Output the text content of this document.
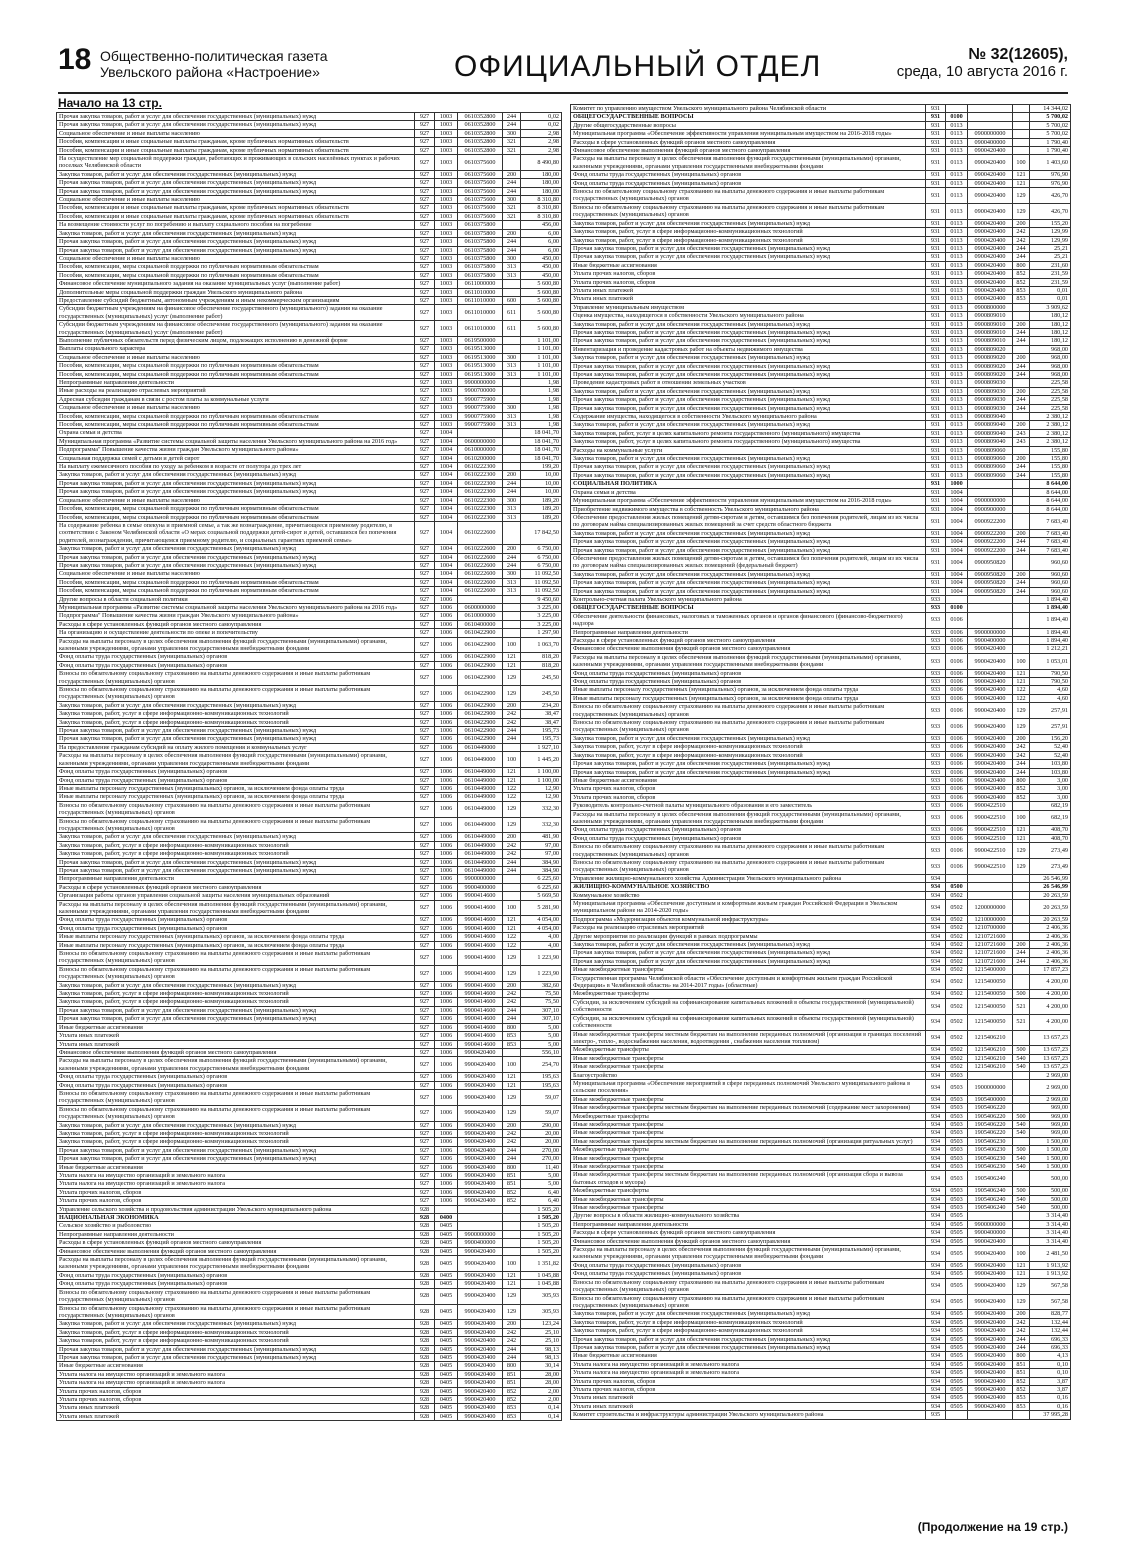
18 Общественно-политическая газета
Увельского района «Настроение»	ОФИЦИАЛЬНЫЙ ОТДЕЛ	№ 32(12605),
среда, 10 августа 2016 г.
Начало на 13 стр.
Прочая закупка товаров, работ и услуг для обеспечения государственных (муниципальных) нужд	927	1003	0610352800	244	0,02
Прочая закупка товаров, работ и услуг для обеспечения государственных (муниципальных) нужд	927	1003	0610352800	244	0,02
Социальное обеспечение и иные выплаты населению	927	1003	0610352800	300	2,98
Пособия, компенсации и иные социальные выплаты гражданам, кроме публичных нормативных обязательств	927	1003	0610352800	321	2,98
Пособия, компенсации и иные социальные выплаты гражданам, кроме публичных нормативных обязательств	927	1003	0610352800	321	2,98
На осуществление мер социальной поддержки граждан, работающих и проживающих в сельских населённых пунктах и рабочих поселках Челябинской области	927	1003	0610375600		8 490,80
Закупка товаров, работ и услуг для обеспечения государственных (муниципальных) нужд	927	1003	0610375600	200	180,00
Прочая закупка товаров, работ и услуг для обеспечения государственных (муниципальных) нужд	927	1003	0610375600	244	180,00
Прочая закупка товаров, работ и услуг для обеспечения государственных (муниципальных) нужд	927	1003	0610375600	244	180,00
Социальное обеспечение и иные выплаты населению	927	1003	0610375600	300	8 310,80
Пособия, компенсации и иные социальные выплаты гражданам, кроме публичных нормативных обязательств	927	1003	0610375600	321	8 310,80
Пособия, компенсации и иные социальные выплаты гражданам, кроме публичных нормативных обязательств	927	1003	0610375600	321	8 310,80
На возмещение стоимости услуг по погребению и выплату социального пособия на погребение	927	1003	0610375800		456,00
Закупка товаров, работ и услуг для обеспечения государственных (муниципальных) нужд	927	1003	0610375800	200	6,00
Прочая закупка товаров, работ и услуг для обеспечения государственных (муниципальных) нужд	927	1003	0610375800	244	6,00
Прочая закупка товаров, работ и услуг для обеспечения государственных (муниципальных) нужд	927	1003	0610375800	244	6,00
Социальное обеспечение и иные выплаты населению	927	1003	0610375800	300	450,00
Пособия, компенсации, меры социальной поддержки по публичным нормативным обязательствам	927	1003	0610375800	313	450,00
Пособия, компенсации, меры социальной поддержки по публичным нормативным обязательствам	927	1003	0610375800	313	450,00
Финансовое обеспечение муниципального задания на оказание муниципальных услуг (выполнение работ)	927	1003	0611000000		5 600,80
Дополнительные меры социальной поддержки граждан Увельского муниципального района	927	1003	0611010000		5 600,80
Предоставление субсидий бюджетным, автономным учреждениям и иным некоммерческим организациям	927	1003	0611010000	600	5 600,80
Субсидии бюджетным учреждениям на финансовое обеспечение государственного (муниципального) задания на оказание государственных (муниципальных) услуг (выполнение работ)	927	1003	0611010000	611	5 600,80
Субсидии бюджетным учреждениям на финансовое обеспечение государственного (муниципального) задания на оказание государственных (муниципальных) услуг (выполнение работ)	927	1003	0611010000	611	5 600,80
Выполнение публичных обязательств перед физическим лицом, подлежащих исполнению в денежной форме	927	1003	0619500000		1 101,00
Выплаты социального характера	927	1003	0619513000		1 101,00
Социальное обеспечение и иные выплаты населению	927	1003	0619513000	300	1 101,00
Пособия, компенсации, меры социальной поддержки по публичным нормативным обязательствам	927	1003	0619513000	313	1 101,00
Пособия, компенсации, меры социальной поддержки по публичным нормативным обязательствам	927	1003	0619513000	313	1 101,00
Непрограммные направления деятельности	927	1003	9900000000		1,98
Иные расходы на реализацию отраслевых мероприятий	927	1003	9900700000		1,98
Адресная субсидия гражданам в связи с ростом платы за коммунальные услуги	927	1003	9900775900		1,98
Социальное обеспечение и иные выплаты населению	927	1003	9900775900	300	1,98
Пособия, компенсации, меры социальной поддержки по публичным нормативным обязательствам	927	1003	9900775900	313	1,98
Пособия, компенсации, меры социальной поддержки по публичным нормативным обязательствам	927	1003	9900775900	313	1,98
Охрана семьи и детства	927	1004			18 041,70
Муниципальная программа «Развитие системы социальной защиты населения Увельского муниципального района на 2016 год»	927	1004	0600000000		18 041,70
Подпрограмма" Повышение качества жизни граждан Увельского муниципального района»	927	1004	0610000000		18 041,70
Социальная поддержка семей с детьми и детей сирот	927	1004	0610200000		18 041,70
На выплату ежемесячного пособия по уходу за ребенком в возрасте от полутора до трех лет	927	1004	0610222300		199,20
Закупка товаров, работ и услуг для обеспечения государственных (муниципальных) нужд	927	1004	0610222300	200	10,00
Прочая закупка товаров, работ и услуг для обеспечения государственных (муниципальных) нужд	927	1004	0610222300	244	10,00
Прочая закупка товаров, работ и услуг для обеспечения государственных (муниципальных) нужд	927	1004	0610222300	244	10,00
Социальное обеспечение и иные выплаты населению	927	1004	0610222300	300	189,20
Пособия, компенсации, меры социальной поддержки по публичным нормативным обязательствам	927	1004	0610222300	313	189,20
Пособия, компенсации, меры социальной поддержки по публичным нормативным обязательствам	927	1004	0610222300	313	189,20
На содержание ребенка в семье опекуна и приемной семье, а так же вознаграждение, причитающееся приемному родителю, в соответствии с Законом Челябинской области «О мерах социальной поддержки детей-сирот и детей, оставшихся без попечения родителей, вознаграждении, причитающемся приемному родителю, и социальных гарантиях приемной семье»	927	1004	0610222600		17 842,50
Закупка товаров, работ и услуг для обеспечения государственных (муниципальных) нужд	927	1004	0610222600	200	6 750,00
Прочая закупка товаров, работ и услуг для обеспечения государственных (муниципальных) нужд	927	1004	0610222600	244	6 750,00
Прочая закупка товаров, работ и услуг для обеспечения государственных (муниципальных) нужд	927	1004	0610222600	244	6 750,00
Социальное обеспечение и иные выплаты населению	927	1004	0610222600	300	11 092,50
Пособия, компенсации, меры социальной поддержки по публичным нормативным обязательствам	927	1004	0610222600	313	11 092,50
Пособия, компенсации, меры социальной поддержки по публичным нормативным обязательствам	927	1004	0610222600	313	11 092,50
Другие вопросы в области социальной политики	927	1006			9 450,60
Муниципальная программа «Развитие системы социальной защиты населения Увельского муниципального района на 2016 год»	927	1006	0600000000		3 225,00
Подпрограмма" Повышение качества жизни граждан Увельского муниципального района»	927	1006	0610000000		3 225,00
Расходы в сфере установленных функций органов местного самоуправления	927	1006	0610400000		3 225,00
На организацию и осуществление деятельности по опеке и попечительству	927	1006	0610422900		1 297,90
Расходы на выплаты персоналу в целях обеспечения выполнения функций государственными (муниципальными) органами, казенными учреждениями, органами управления государственными внебюджетными фондами	927	1006	0610422900	100	1 063,70
Фонд оплаты труда государственных (муниципальных) органов	927	1006	0610422900	121	818,20
Фонд оплаты труда государственных (муниципальных) органов	927	1006	0610422900	121	818,20
Взносы по обязательному социальному страхованию на выплаты денежного содержания и иные выплаты работникам государственных (муниципальных) органов	927	1006	0610422900	129	245,50
Взносы по обязательному социальному страхованию на выплаты денежного содержания и иные выплаты работникам государственных (муниципальных) органов	927	1006	0610422900	129	245,50
Закупка товаров, работ и услуг для обеспечения государственных (муниципальных) нужд	927	1006	0610422900	200	234,20
Закупка товаров, работ, услуг в сфере информационно-коммуникационных технологий	927	1006	0610422900	242	38,47
Закупка товаров, работ, услуг в сфере информационно-коммуникационных технологий	927	1006	0610422900	242	38,47
Прочая закупка товаров, работ и услуг для обеспечения государственных (муниципальных) нужд	927	1006	0610422900	244	195,73
Прочая закупка товаров, работ и услуг для обеспечения государственных (муниципальных) нужд	927	1006	0610422900	244	195,73
На предоставление гражданам субсидий на оплату жилого помещения и коммунальных услуг	927	1006	0610449000		1 927,10
Расходы на выплаты персоналу в целях обеспечения выполнения функций государственными (муниципальными) органами, казенными учреждениями, органами управления государственными внебюджетными фондами	927	1006	0610449000	100	1 445,20
Фонд оплаты труда государственных (муниципальных) органов	927	1006	0610449000	121	1 100,00
Фонд оплаты труда государственных (муниципальных) органов	927	1006	0610449000	121	1 100,00
Иные выплаты персоналу государственных (муниципальных) органов, за исключением фонда оплаты труда	927	1006	0610449000	122	12,90
Иные выплаты персоналу государственных (муниципальных) органов, за исключением фонда оплаты труда	927	1006	0610449000	122	12,90
Взносы по обязательному социальному страхованию на выплаты денежного содержания и иные выплаты работникам государственных (муниципальных) органов	927	1006	0610449000	129	332,30
Взносы по обязательному социальному страхованию на выплаты денежного содержания и иные выплаты работникам государственных (муниципальных) органов	927	1006	0610449000	129	332,30
Закупка товаров, работ и услуг для обеспечения государственных (муниципальных) нужд	927	1006	0610449000	200	481,90
Закупка товаров, работ, услуг в сфере информационно-коммуникационных технологий	927	1006	0610449000	242	97,00
Закупка товаров, работ, услуг в сфере информационно-коммуникационных технологий	927	1006	0610449000	242	97,00
Прочая закупка товаров, работ и услуг для обеспечения государственных (муниципальных) нужд	927	1006	0610449000	244	384,90
Прочая закупка товаров, работ и услуг для обеспечения государственных (муниципальных) нужд	927	1006	0610449000	244	384,90
Непрограммные направления деятельности	927	1006	9900000000		6 225,60
Расходы в сфере установленных функций органов местного самоуправления	927	1006	9900400000		6 225,60
Организация работы органов управления социальной защиты населения муниципальных образований	927	1006	9900414600		5 669,50
Расходы на выплаты персоналу в целях обеспечения выполнения функций государственными (муниципальными) органами, казенными учреждениями, органами управления государственными внебюджетными фондами	927	1006	9900414600	100	5 281,90
Фонд оплаты труда государственных (муниципальных) органов	927	1006	9900414600	121	4 054,00
Фонд оплаты труда государственных (муниципальных) органов	927	1006	9900414600	121	4 054,00
Иные выплаты персоналу государственных (муниципальных) органов, за исключением фонда оплаты труда	927	1006	9900414600	122	4,00
Иные выплаты персоналу государственных (муниципальных) органов, за исключением фонда оплаты труда	927	1006	9900414600	122	4,00
Взносы по обязательному социальному страхованию на выплаты денежного содержания и иные выплаты работникам государственных (муниципальных) органов	927	1006	9900414600	129	1 223,90
Взносы по обязательному социальному страхованию на выплаты денежного содержания и иные выплаты работникам государственных (муниципальных) органов	927	1006	9900414600	129	1 223,90
Закупка товаров, работ и услуг для обеспечения государственных (муниципальных) нужд	927	1006	9900414600	200	382,60
Закупка товаров, работ, услуг в сфере информационно-коммуникационных технологий	927	1006	9900414600	242	75,50
Закупка товаров, работ, услуг в сфере информационно-коммуникационных технологий	927	1006	9900414600	242	75,50
Прочая закупка товаров, работ и услуг для обеспечения государственных (муниципальных) нужд	927	1006	9900414600	244	307,10
Прочая закупка товаров, работ и услуг для обеспечения государственных (муниципальных) нужд	927	1006	9900414600	244	307,10
Иные бюджетные ассигнования	927	1006	9900414600	800	5,00
Уплата иных платежей	927	1006	9900414600	853	5,00
Уплата иных платежей	927	1006	9900414600	853	5,00
Финансовое обеспечение выполнения функций органов местного самоуправления	927	1006	9900420400		556,10
Расходы на выплаты персоналу в целях обеспечения выполнения функций государственными (муниципальными) органами, казенными учреждениями, органами управления государственными внебюджетными фондами	927	1006	9900420400	100	254,70
Фонд оплаты труда государственных (муниципальных) органов	927	1006	9900420400	121	195,63
Фонд оплаты труда государственных (муниципальных) органов	927	1006	9900420400	121	195,63
Взносы по обязательному социальному страхованию на выплаты денежного содержания и иные выплаты работникам государственных (муниципальных) органов	927	1006	9900420400	129	59,07
Взносы по обязательному социальному страхованию на выплаты денежного содержания и иные выплаты работникам государственных (муниципальных) органов	927	1006	9900420400	129	59,07
Закупка товаров, работ и услуг для обеспечения государственных (муниципальных) нужд	927	1006	9900420400	200	290,00
Закупка товаров, работ, услуг в сфере информационно-коммуникационных технологий	927	1006	9900420400	242	20,00
Закупка товаров, работ, услуг в сфере информационно-коммуникационных технологий	927	1006	9900420400	242	20,00
Прочая закупка товаров, работ и услуг для обеспечения государственных (муниципальных) нужд	927	1006	9900420400	244	270,00
Прочая закупка товаров, работ и услуг для обеспечения государственных (муниципальных) нужд	927	1006	9900420400	244	270,00
Иные бюджетные ассигнования	927	1006	9900420400	800	11,40
Уплата налога на имущество организаций и земельного налога	927	1006	9900420400	851	5,00
Уплата налога на имущество организаций и земельного налога	927	1006	9900420400	851	5,00
Уплата прочих налогов, сборов	927	1006	9900420400	852	6,40
Уплата прочих налогов, сборов	927	1006	9900420400	852	6,40
Управление сельского хозяйства и продовольствия администрации Увельского муниципального района	928				1 505,20
НАЦИОНАЛЬНАЯ ЭКОНОМИКА	928	0400			1 505,20
Сельское хозяйство и рыболовство	928	0405			1 505,20
Непрограммные направления деятельности	928	0405	9900000000		1 505,20
Расходы в сфере установленных функций органов местного самоуправления	928	0405	9900400000		1 505,20
Финансовое обеспечение выполнения функций органов местного самоуправления	928	0405	9900420400		1 505,20
Расходы на выплаты персоналу в целях обеспечения выполнения функций государственными (муниципальными) органами, казенными учреждениями, органами управления государственными внебюджетными фондами	928	0405	9900420400	100	1 351,82
Фонд оплаты труда государственных (муниципальных) органов	928	0405	9900420400	121	1 045,88
Фонд оплаты труда государственных (муниципальных) органов	928	0405	9900420400	121	1 045,88
Взносы по обязательному социальному страхованию на выплаты денежного содержания и иные выплаты работникам государственных (муниципальных) органов	928	0405	9900420400	129	305,93
Взносы по обязательному социальному страхованию на выплаты денежного содержания и иные выплаты работникам государственных (муниципальных) органов	928	0405	9900420400	129	305,93
Закупка товаров, работ и услуг для обеспечения государственных (муниципальных) нужд	928	0405	9900420400	200	123,24
Закупка товаров, работ, услуг в сфере информационно-коммуникационных технологий	928	0405	9900420400	242	25,10
Закупка товаров, работ, услуг в сфере информационно-коммуникационных технологий	928	0405	9900420400	242	25,10
Прочая закупка товаров, работ и услуг для обеспечения государственных (муниципальных) нужд	928	0405	9900420400	244	98,13
Прочая закупка товаров, работ и услуг для обеспечения государственных (муниципальных) нужд	928	0405	9900420400	244	98,13
Иные бюджетные ассигнования	928	0405	9900420400	800	30,14
Уплата налога на имущество организаций и земельного налога	928	0405	9900420400	851	28,00
Уплата налога на имущество организаций и земельного налога	928	0405	9900420400	851	28,00
Уплата прочих налогов, сборов	928	0405	9900420400	852	2,00
Уплата прочих налогов, сборов	928	0405	9900420400	852	2,00
Уплата иных платежей	928	0405	9900420400	853	0,14
Уплата иных платежей	928	0405	9900420400	853	0,14
Комитет по управлению имуществом Увельского муниципального района Челябинской области	931				14 344,02
ОБЩЕГОСУДАРСТВЕННЫЕ ВОПРОСЫ	931	0100			5 700,02
Другие общегосударственные вопросы	931	0113			5 700,02
Муниципальная программа «Обеспечение эффективности управления муниципальным имуществом на 2016-2018 годы»	931	0113	0900000000		5 700,02
Расходы в сфере установленных функций органов местного самоуправления	931	0113	0900400000		1 790,40
Финансовое обеспечение выполнения функций органов местного самоуправления	931	0113	0900420400		1 790,40
Расходы на выплаты персоналу в целях обеспечения выполнения функций государственными (муниципальными) органами, казенными учреждениями, органами управления государственными внебюджетными фондами	931	0113	0900420400	100	1 403,60
Фонд оплаты труда государственных (муниципальных) органов	931	0113	0900420400	121	976,90
Фонд оплаты труда государственных (муниципальных) органов	931	0113	0900420400	121	976,90
Взносы по обязательному социальному страхованию на выплаты денежного содержания и иные выплаты работникам государственных (муниципальных) органов	931	0113	0900420400	129	426,70
Взносы по обязательному социальному страхованию на выплаты денежного содержания и иные выплаты работникам государственных (муниципальных) органов	931	0113	0900420400	129	426,70
Закупка товаров, работ и услуг для обеспечения государственных (муниципальных) нужд	931	0113	0900420400	200	155,20
Закупка товаров, работ, услуг в сфере информационно-коммуникационных технологий	931	0113	0900420400	242	129,99
Закупка товаров, работ, услуг в сфере информационно-коммуникационных технологий	931	0113	0900420400	242	129,99
Прочая закупка товаров, работ и услуг для обеспечения государственных (муниципальных) нужд	931	0113	0900420400	244	25,21
Прочая закупка товаров, работ и услуг для обеспечения государственных (муниципальных) нужд	931	0113	0900420400	244	25,21
Иные бюджетные ассигнования	931	0113	0900420400	800	231,60
Уплата прочих налогов, сборов	931	0113	0900420400	852	231,59
Уплата прочих налогов, сборов	931	0113	0900420400	852	231,59
Уплата иных платежей	931	0113	0900420400	853	0,01
Уплата иных платежей	931	0113	0900420400	853	0,01
Управление муниципальным имуществом	931	0113	0900800000		3 909,62
Оценка имущества, находящегося в собственности Увельского муниципального района	931	0113	0900809010		180,12
Закупка товаров, работ и услуг для обеспечения государственных (муниципальных) нужд	931	0113	0900809010	200	180,12
Прочая закупка товаров, работ и услуг для обеспечения государственных (муниципальных) нужд	931	0113	0900809010	244	180,12
Прочая закупка товаров, работ и услуг для обеспечения государственных (муниципальных) нужд	931	0113	0900809010	244	180,12
Инвентаризация и проведение кадастровых работ на объекты недвижимого имущества	931	0113	0900809020		968,00
Закупка товаров, работ и услуг для обеспечения государственных (муниципальных) нужд	931	0113	0900809020	200	968,00
Прочая закупка товаров, работ и услуг для обеспечения государственных (муниципальных) нужд	931	0113	0900809020	244	968,00
Прочая закупка товаров, работ и услуг для обеспечения государственных (муниципальных) нужд	931	0113	0900809020	244	968,00
Проведение кадастровых работ в отношении земельных участков	931	0113	0900809030		225,58
Закупка товаров, работ и услуг для обеспечения государственных (муниципальных) нужд	931	0113	0900809030	200	225,58
Прочая закупка товаров, работ и услуг для обеспечения государственных (муниципальных) нужд	931	0113	0900809030	244	225,58
Прочая закупка товаров, работ и услуг для обеспечения государственных (муниципальных) нужд	931	0113	0900809030	244	225,58
Содержание имущества, находящегося в собственности Увельского муниципального района	931	0113	0900809040		2 380,12
Закупка товаров, работ и услуг для обеспечения государственных (муниципальных) нужд	931	0113	0900809040	200	2 380,12
Закупка товаров, работ, услуг в целях капитального ремонта государственного (муниципального) имущества	931	0113	0900809040	243	2 380,12
Закупка товаров, работ, услуг в целях капитального ремонта государственного (муниципального) имущества	931	0113	0900809040	243	2 380,12
Расходы на коммунальные услуги	931	0113	0900809060		155,80
Закупка товаров, работ и услуг для обеспечения государственных (муниципальных) нужд	931	0113	0900809060	200	155,80
Прочая закупка товаров, работ и услуг для обеспечения государственных (муниципальных) нужд	931	0113	0900809060	244	155,80
Прочая закупка товаров, работ и услуг для обеспечения государственных (муниципальных) нужд	931	0113	0900809060	244	155,80
СОЦИАЛЬНАЯ ПОЛИТИКА	931	1000			8 644,00
Охрана семьи и детства	931	1004			8 644,00
Муниципальная программа «Обеспечение эффективности управления муниципальным имуществом на 2016-2018 годы»	931	1004	0900000000		8 644,00
Приобретение недвижимого имущества в собственность Увельского муниципального района	931	1004	0900900000		8 644,00
Обеспечение предоставления жилых помещений детям-сиротам и детям, оставшимся без попечения родителей, лицам из их числа по договорам найма специализированных жилых помещений за счет средств областного бюджета	931	1004	0900922200		7 683,40
Закупка товаров, работ и услуг для обеспечения государственных (муниципальных) нужд	931	1004	0900922200	200	7 683,40
Прочая закупка товаров, работ и услуг для обеспечения государственных (муниципальных) нужд	931	1004	0900922200	244	7 683,40
Прочая закупка товаров, работ и услуг для обеспечения государственных (муниципальных) нужд	931	1004	0900922200	244	7 683,40
Обеспечение предоставления жилых помещений детям-сиротам и детям, оставшимся без попечения родителей, лицам из их числа по договорам найма специализированных жилых помещений (федеральный бюджет)	931	1004	0900950820		960,60
Закупка товаров, работ и услуг для обеспечения государственных (муниципальных) нужд	931	1004	0900950820	200	960,60
Прочая закупка товаров, работ и услуг для обеспечения государственных (муниципальных) нужд	931	1004	0900950820	244	960,60
Прочая закупка товаров, работ и услуг для обеспечения государственных (муниципальных) нужд	931	1004	0900950820	244	960,60
Контрольно-счетная палата Увельского муниципального района	933				1 894,40
ОБЩЕГОСУДАРСТВЕННЫЕ ВОПРОСЫ	933	0100			1 894,40
Обеспечение деятельности финансовых, налоговых и таможенных органов и органов финансового (финансово-бюджетного) надзора	933	0106			1 894,40
Непрограммные направления деятельности	933	0106	9900000000		1 894,40
Расходы в сфере установленных функций органов местного самоуправления	933	0106	9900400000		1 894,40
Финансовое обеспечение выполнения функций органов местного самоуправления	933	0106	9900420400		1 212,21
Расходы на выплаты персоналу в целях обеспечения выполнения функций государственными (муниципальными) органами, казенными учреждениями, органами управления государственными внебюджетными фондами	933	0106	9900420400	100	1 053,01
Фонд оплаты труда государственных (муниципальных) органов	933	0106	9900420400	121	790,50
Фонд оплаты труда государственных (муниципальных) органов	933	0106	9900420400	121	790,50
Иные выплаты персоналу государственных (муниципальных) органов, за исключением фонда оплаты труда	933	0106	9900420400	122	4,60
Иные выплаты персоналу государственных (муниципальных) органов, за исключением фонда оплаты труда	933	0106	9900420400	122	4,60
Взносы по обязательному социальному страхованию на выплаты денежного содержания и иные выплаты работникам государственных (муниципальных) органов	933	0106	9900420400	129	257,91
Взносы по обязательному социальному страхованию на выплаты денежного содержания и иные выплаты работникам государственных (муниципальных) органов	933	0106	9900420400	129	257,91
Закупка товаров, работ и услуг для обеспечения государственных (муниципальных) нужд	933	0106	9900420400	200	156,20
Закупка товаров, работ, услуг в сфере информационно-коммуникационных технологий	933	0106	9900420400	242	52,40
Закупка товаров, работ, услуг в сфере информационно-коммуникационных технологий	933	0106	9900420400	242	52,40
Прочая закупка товаров, работ и услуг для обеспечения государственных (муниципальных) нужд	933	0106	9900420400	244	103,80
Прочая закупка товаров, работ и услуг для обеспечения государственных (муниципальных) нужд	933	0106	9900420400	244	103,80
Иные бюджетные ассигнования	933	0106	9900420400	800	3,00
Уплата прочих налогов, сборов	933	0106	9900420400	852	3,00
Уплата прочих налогов, сборов	933	0106	9900420400	852	3,00
Руководитель контрольно-счетной палаты муниципального образования и его заместитель	933	0106	9900422510		682,19
Расходы на выплаты персоналу в целях обеспечения выполнения функций государственными (муниципальными) органами, казенными учреждениями, органами управления государственными внебюджетными фондами	933	0106	9900422510	100	682,19
Фонд оплаты труда государственных (муниципальных) органов	933	0106	9900422510	121	408,70
Фонд оплаты труда государственных (муниципальных) органов	933	0106	9900422510	121	408,70
Взносы по обязательному социальному страхованию на выплаты денежного содержания и иные выплаты работникам государственных (муниципальных) органов	933	0106	9900422510	129	273,49
Взносы по обязательному социальному страхованию на выплаты денежного содержания и иные выплаты работникам государственных (муниципальных) органов	933	0106	9900422510	129	273,49
Управление жилищно-коммунального хозяйства Администрации Увельского муниципального района	934				26 546,99
ЖИЛИЩНО-КОММУНАЛЬНОЕ ХОЗЯЙСТВО	934	0500			26 546,99
Коммунальное хозяйство	934	0502			20 263,59
Муниципальная программа «Обеспечение доступным и комфортным жильем граждан Российской Федерации в Увельском муниципальном районе на 2014-2020 годы»	934	0502	1200000000		20 263,59
Подпрограмма «Модернизация объектов коммунальной инфраструктуры»	934	0502	1210000000		20 263,59
Расходы на реализацию отраслевых мероприятий	934	0502	1210700000		2 406,36
Другие мероприятия по реализации функций в рамках подпрограммы	934	0502	1210721600		2 406,36
Закупка товаров, работ и услуг для обеспечения государственных (муниципальных) нужд	934	0502	1210721600	200	2 406,36
Прочая закупка товаров, работ и услуг для обеспечения государственных (муниципальных) нужд	934	0502	1210721600	244	2 406,36
Прочая закупка товаров, работ и услуг для обеспечения государственных (муниципальных) нужд	934	0502	1210721600	244	2 406,36
Иные межбюджетные трансферты	934	0502	1215400000		17 857,23
Государственная программа Челябинской области «Обеспечение доступным и комфортным жильем граждан Российской Федерации» в Челябинской области» на 2014-2017 годы» (областные)	934	0502	1215400050		4 200,00
Межбюджетные трансферты	934	0502	1215400050	500	4 200,00
Субсидии, за исключением субсидий на софинансирование капитальных вложений в объекты государственной (муниципальной) собственности	934	0502	1215400050	521	4 200,00
Субсидии, за исключением субсидий на софинансирование капитальных вложений в объекты государственной (муниципальной) собственности	934	0502	1215400050	521	4 200,00
Иные межбюджетные трансферты местным бюджетам на выполнение переданных полномочий (организация в границах поселений электро-, тепло-, водоснабжения населения, водоотведения , снабжения населения топливом)	934	0502	1215406210		13 657,23
Межбюджетные трансферты	934	0502	1215406210	500	13 657,23
Иные межбюджетные трансферты	934	0502	1215406210	540	13 657,23
Иные межбюджетные трансферты	934	0502	1215406210	540	13 657,23
Благоустройство	934	0503			2 969,00
Муниципальная программа «Обеспечение мероприятий в сфере переданных полномочий Увельского муниципального района в сельские поселения»	934	0503	1900000000		2 969,00
Иные межбюджетные трансферты	934	0503	1905400000		2 969,00
Иные межбюджетные трансферты местным бюджетам на выполнение переданных полномочий (содержание мест захоронения)	934	0503	1905406220		969,00
Межбюджетные трансферты	934	0503	1905406220	500	969,00
Иные межбюджетные трансферты	934	0503	1905406220	540	969,00
Иные межбюджетные трансферты	934	0503	1905406220	540	969,00
Иные межбюджетные трансферты местным бюджетам на выполнение переданных полномочий (организация ритуальных услуг)	934	0503	1905406230		1 500,00
Межбюджетные трансферты	934	0503	1905406230	500	1 500,00
Иные межбюджетные трансферты	934	0503	1905406230	540	1 500,00
Иные межбюджетные трансферты	934	0503	1905406230	540	1 500,00
Иные межбюджетные трансферты местным бюджетам на выполнение переданных полномочий (организация сбора и вывоза бытовых отходов и мусора)	934	0503	1905406240		500,00
Межбюджетные трансферты	934	0503	1905406240	500	500,00
Иные межбюджетные трансферты	934	0503	1905406240	540	500,00
Иные межбюджетные трансферты	934	0503	1905406240	540	500,00
Другие вопросы в области жилищно-коммунального хозяйства	934	0505			3 314,40
Непрограммные направления деятельности	934	0505	9900000000		3 314,40
Расходы в сфере установленных функций органов местного самоуправления	934	0505	9900400000		3 314,40
Финансовое обеспечение выполнения функций органов местного самоуправления	934	0505	9900420400		3 314,40
Расходы на выплаты персоналу в целях обеспечения выполнения функций государственными (муниципальными) органами, казенными учреждениями, органами управления государственными внебюджетными фондами	934	0505	9900420400	100	2 481,50
Фонд оплаты труда государственных (муниципальных) органов	934	0505	9900420400	121	1 913,92
Фонд оплаты труда государственных (муниципальных) органов	934	0505	9900420400	121	1 913,92
Взносы по обязательному социальному страхованию на выплаты денежного содержания и иные выплаты работникам государственных (муниципальных) органов	934	0505	9900420400	129	567,58
Взносы по обязательному социальному страхованию на выплаты денежного содержания и иные выплаты работникам государственных (муниципальных) органов	934	0505	9900420400	129	567,58
Закупка товаров, работ и услуг для обеспечения государственных (муниципальных) нужд	934	0505	9900420400	200	828,77
Закупка товаров, работ, услуг в сфере информационно-коммуникационных технологий	934	0505	9900420400	242	132,44
Закупка товаров, работ, услуг в сфере информационно-коммуникационных технологий	934	0505	9900420400	242	132,44
Прочая закупка товаров, работ и услуг для обеспечения государственных (муниципальных) нужд	934	0505	9900420400	244	696,33
Прочая закупка товаров, работ и услуг для обеспечения государственных (муниципальных) нужд	934	0505	9900420400	244	696,33
Иные бюджетные ассигнования	934	0505	9900420400	800	4,13
Уплата налога на имущество организаций и земельного налога	934	0505	9900420400	851	0,10
Уплата налога на имущество организаций и земельного налога	934	0505	9900420400	851	0,10
Уплата прочих налогов, сборов	934	0505	9900420400	852	3,87
Уплата прочих налогов, сборов	934	0505	9900420400	852	3,87
Уплата иных платежей	934	0505	9900420400	853	0,16
Уплата иных платежей	934	0505	9900420400	853	0,16
Комитет строительства и инфраструктуры администрации Увельского муниципального района	935				37 995,28
(Продолжение на 19 стр.)
